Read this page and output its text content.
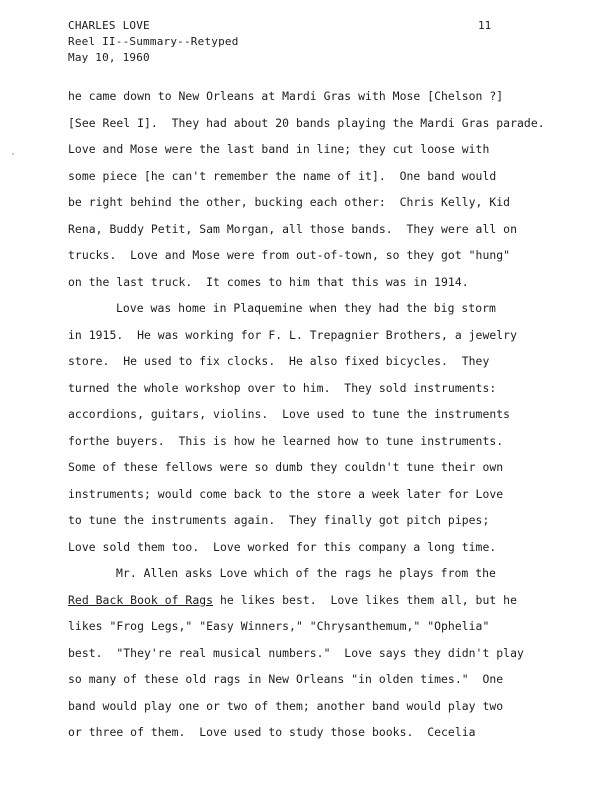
CHARLES LOVE
Reel II--Summary--Retyped
May 10, 1960
11
he came down to New Orleans at Mardi Gras with Mose [Chelson ?]
[See Reel I].  They had about 20 bands playing the Mardi Gras parade.
Love and Mose were the last band in line; they cut loose with
some piece [he can't remember the name of it].  One band would
be right behind the other, bucking each other:  Chris Kelly, Kid
Rena, Buddy Petit, Sam Morgan, all those bands.  They were all on
trucks.  Love and Mose were from out-of-town, so they got "hung"
on the last truck.  It comes to him that this was in 1914.
Love was home in Plaquemine when they had the big storm
in 1915.  He was working for F. L. Trepagnier Brothers, a jewelry
store.  He used to fix clocks.  He also fixed bicycles.  They
turned the whole workshop over to him.  They sold instruments:
accordions, guitars, violins.  Love used to tune the instruments
forthe buyers.  This is how he learned how to tune instruments.
Some of these fellows were so dumb they couldn't tune their own
instruments; would come back to the store a week later for Love
to tune the instruments again.  They finally got pitch pipes;
Love sold them too.  Love worked for this company a long time.
Mr. Allen asks Love which of the rags he plays from the
Red Back Book of Rags he likes best.  Love likes them all, but he
likes "Frog Legs," "Easy Winners," "Chrysanthemum," "Ophelia"
best.  "They're real musical numbers."  Love says they didn't play
so many of these old rags in New Orleans "in olden times."  One
band would play one or two of them; another band would play two
or three of them.  Love used to study those books.  Cecelia
